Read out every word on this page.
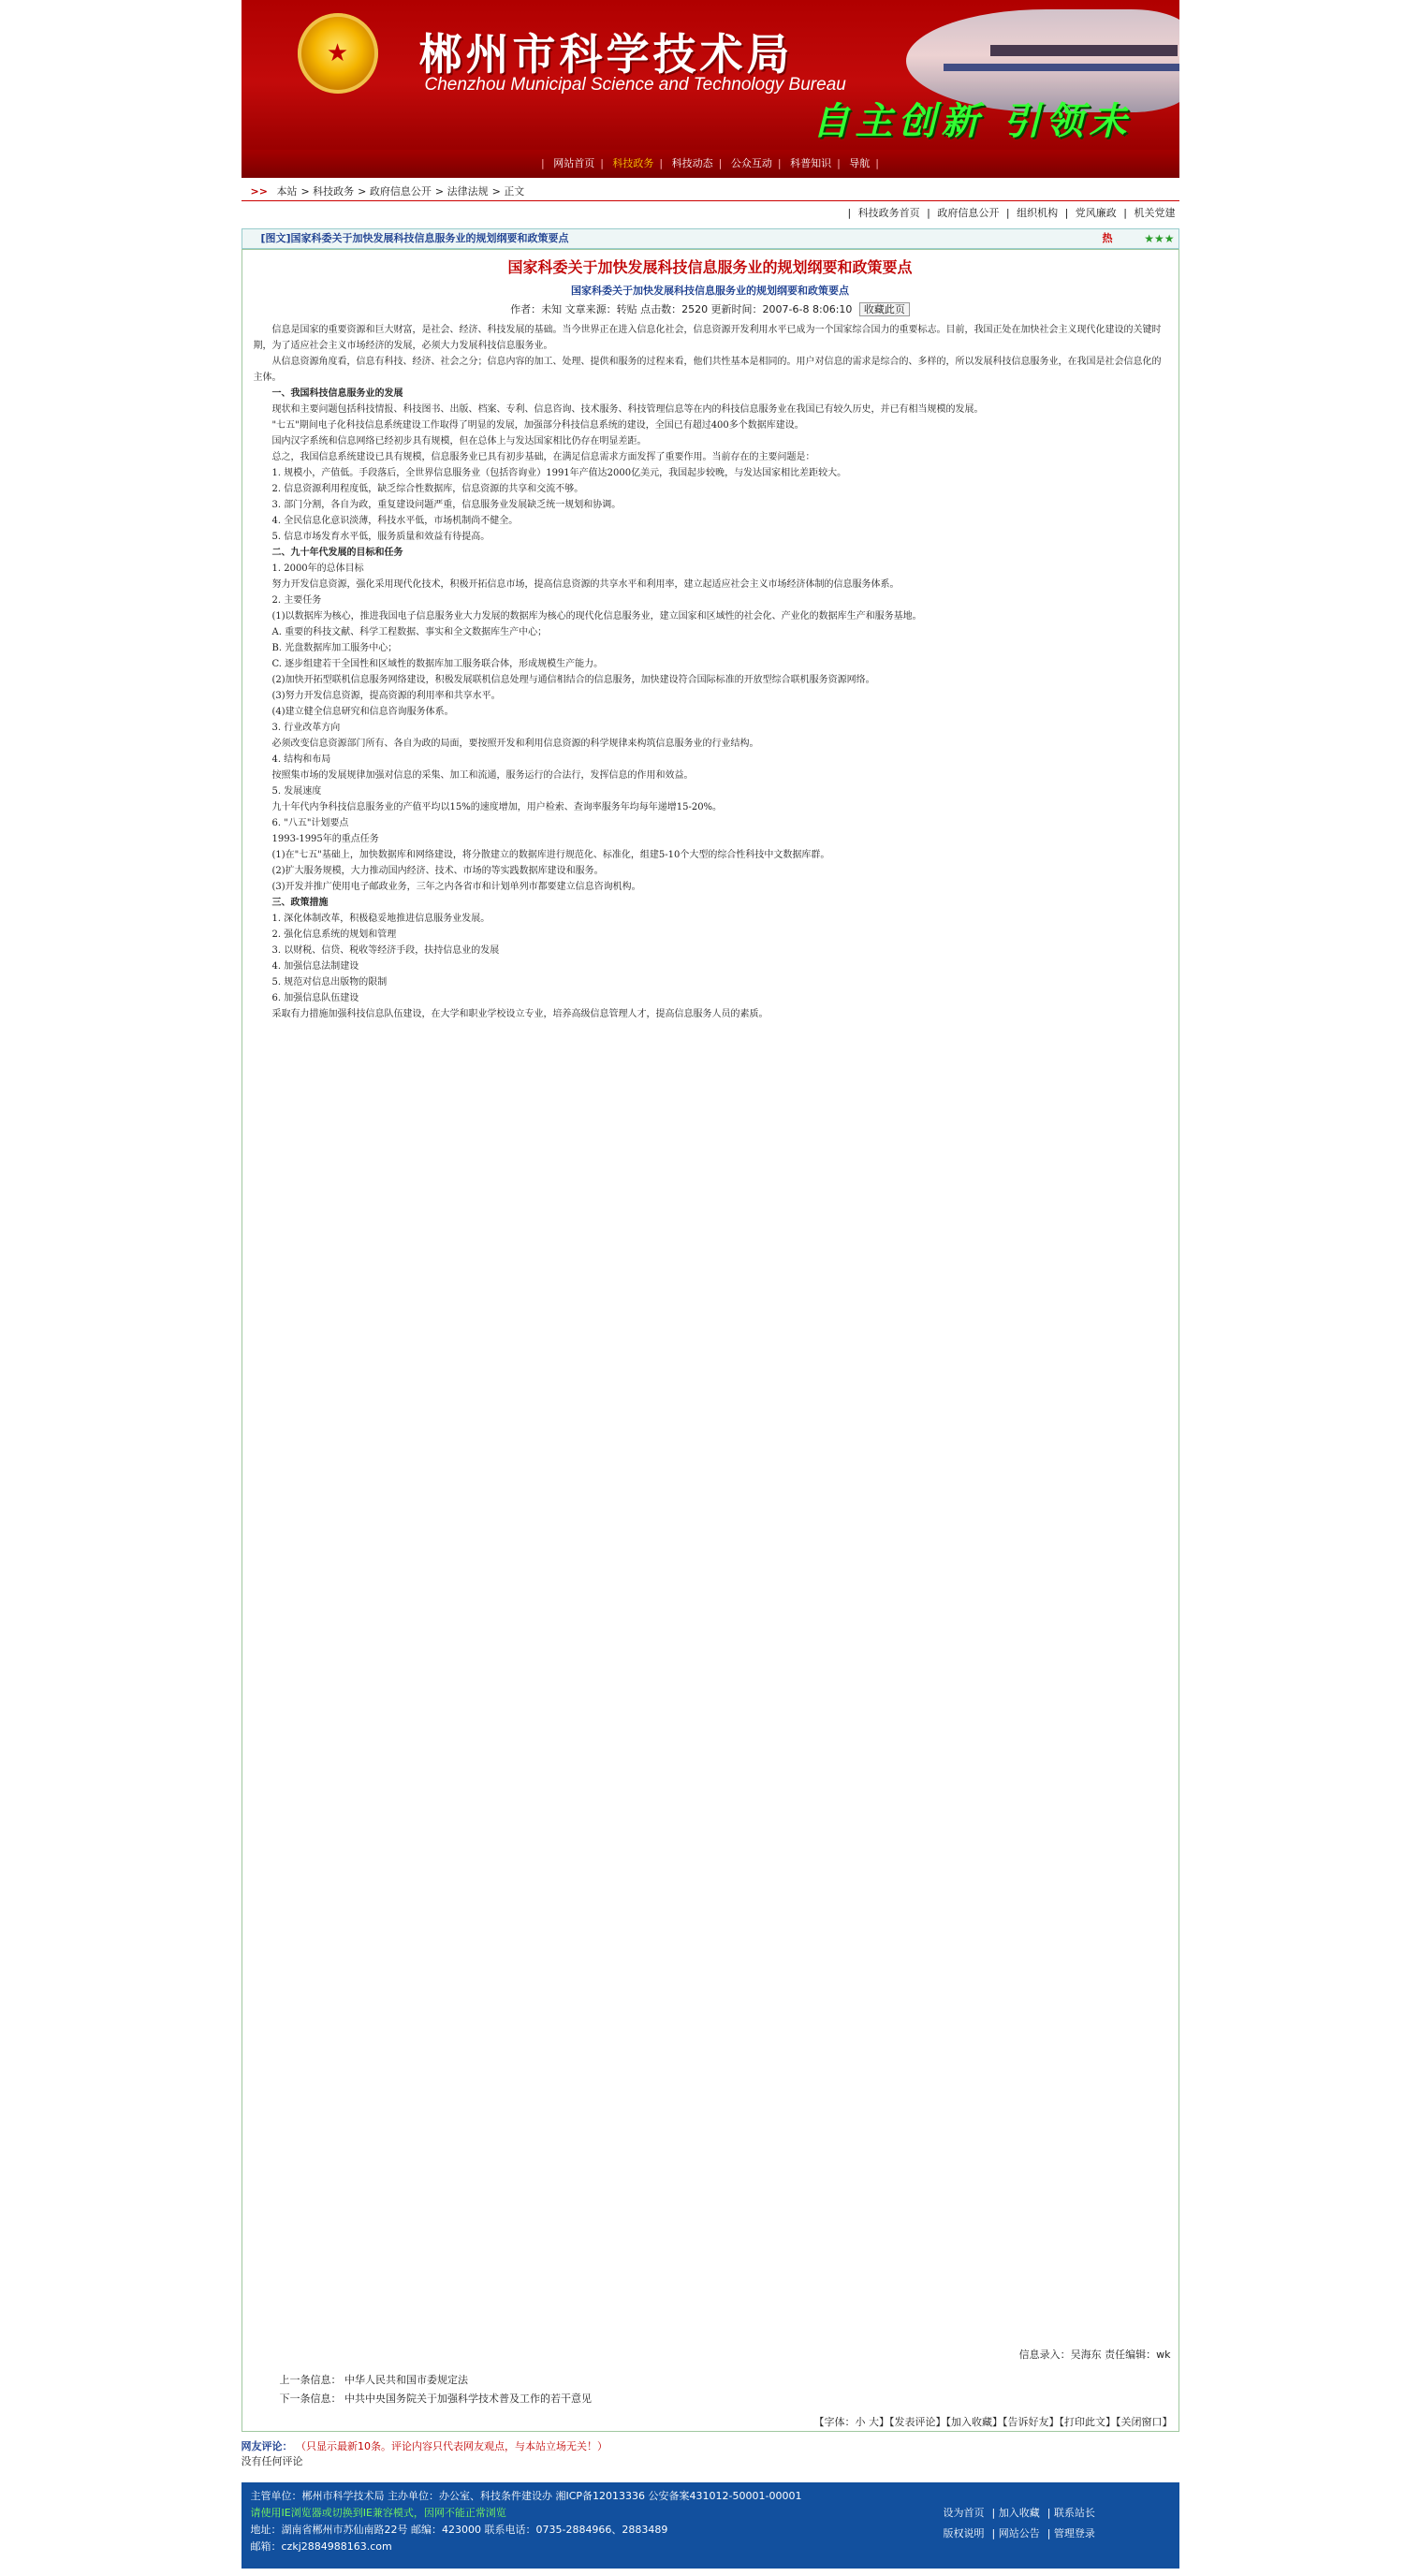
★	郴州市科学技术局
Chenzhou Municipal Science and Technology Bureau
自主创新 引领未
| 网站首页 | 科技政务 | 科技动态 | 公众互动 | 科普知识 | 导航 |
>> 本站 > 科技政务 > 政府信息公开 > 法律法规 > 正文
| 科技政务首页 | 政府信息公开 | 组织机构 | 党风廉政 | 机关党建
[图文]国家科委关于加快发展科技信息服务业的规划纲要和政策要点	热	★★★
国家科委关于加快发展科技信息服务业的规划纲要和政策要点
国家科委关于加快发展科技信息服务业的规划纲要和政策要点
作者：未知 文章来源：转贴 点击数：2520 更新时间：2007-6-8 8:06:10 收藏此页

信息是国家的重要资源和巨大财富，是社会、经济、科技发展的基础。当今世界正在进入信息化社会，信息资源开发利用水平已成为一个国家综合国力的重要标志。目前，我国正处在加快社会主义现代化建设的关键时期，为了适应社会主义市场经济的发展，必须大力发展科技信息服务业。

从信息资源角度看，信息有科技、经济、社会之分；信息内容的加工、处理、提供和服务的过程来看，他们共性基本是相同的。用户对信息的需求是综合的、多样的，所以发展科技信息服务业，在我国是社会信息化的主体。

一、我国科技信息服务业的发展

现状和主要问题包括科技情报、科技图书、出版、档案、专利、信息咨询、技术服务、科技管理信息等在内的科技信息服务业在我国已有较久历史，并已有相当规模的发展。

"七五"期间电子化科技信息系统建设工作取得了明显的发展，加强部分科技信息系统的建设，全国已有超过400多个数据库建设。

国内汉字系统和信息网络已经初步具有规模，但在总体上与发达国家相比仍存在明显差距。

总之，我国信息系统建设已具有规模，信息服务业已具有初步基础，在满足信息需求方面发挥了重要作用。当前存在的主要问题是：

1. 规模小，产值低。手段落后，全世界信息服务业（包括咨询业）1991年产值达2000亿美元，我国起步较晚，与发达国家相比差距较大。

2. 信息资源利用程度低，缺乏综合性数据库，信息资源的共享和交流不够。

3. 部门分割，各自为政，重复建设问题严重，信息服务业发展缺乏统一规划和协调。

4. 全民信息化意识淡薄，科技水平低，市场机制尚不健全。

5. 信息市场发育水平低，服务质量和效益有待提高。

二、九十年代发展的目标和任务

1. 2000年的总体目标

努力开发信息资源，强化采用现代化技术，积极开拓信息市场，提高信息资源的共享水平和利用率，建立起适应社会主义市场经济体制的信息服务体系。

2. 主要任务

(1)以数据库为核心，推进我国电子信息服务业大力发展的数据库为核心的现代化信息服务业，建立国家和区域性的社会化、产业化的数据库生产和服务基地。

A. 重要的科技文献、科学工程数据、事实和全文数据库生产中心；

B. 光盘数据库加工服务中心；

C. 逐步组建若干全国性和区域性的数据库加工服务联合体，形成规模生产能力。

(2)加快开拓型联机信息服务网络建设，积极发展联机信息处理与通信相结合的信息服务，加快建设符合国际标准的开放型综合联机服务资源网络。

(3)努力开发信息资源，提高资源的利用率和共享水平。

(4)建立健全信息研究和信息咨询服务体系。

3. 行业改革方向

必须改变信息资源部门所有、各自为政的局面，要按照开发和利用信息资源的科学规律来构筑信息服务业的行业结构。

4. 结构和布局

按照集市场的发展规律加强对信息的采集、加工和流通，服务运行的合法行，发挥信息的作用和效益。

5. 发展速度

九十年代内争科技信息服务业的产值平均以15%的速度增加，用户检索、查询率服务年均每年递增15-20%。

6. "八五"计划要点

1993-1995年的重点任务

(1)在"七五"基础上，加快数据库和网络建设，将分散建立的数据库进行规范化、标准化，组建5-10个大型的综合性科技中文数据库群。

(2)扩大服务规模，大力推动国内经济、技术、市场的等实践数据库建设和服务。

(3)开发并推广使用电子邮政业务，三年之内各省市和计划单列市都要建立信息咨询机构。

三、政策措施

1. 深化体制改革，积极稳妥地推进信息服务业发展。

2. 强化信息系统的规划和管理

3. 以财税、信贷、税收等经济手段，扶持信息业的发展

4. 加强信息法制建设

5. 规范对信息出版物的限制

6. 加强信息队伍建设

采取有力措施加强科技信息队伍建设，在大学和职业学校设立专业，培养高级信息管理人才，提高信息服务人员的素质。

信息录入：吴海东 责任编辑：wk
上一条信息： 中华人民共和国市委规定法
下一条信息： 中共中央国务院关于加强科学技术普及工作的若干意见
【字体：小 大】【发表评论】【加入收藏】【告诉好友】【打印此文】【关闭窗口】
网友评论： （只显示最新10条。评论内容只代表网友观点，与本站立场无关！）
没有任何评论
主管单位：郴州市科学技术局 主办单位：办公室、科技条件建设办 湘ICP备12013336 公安备案431012-50001-00001
请使用IE浏览器或切换到IE兼容模式，因网不能正常浏览
地址：湖南省郴州市苏仙南路22号 邮编：423000 联系电话：0735-2884966、2883489
邮箱：czkj2884988163.com
设为首页 | 加入收藏 | 联系站长
版权说明 | 网站公告 | 管理登录
